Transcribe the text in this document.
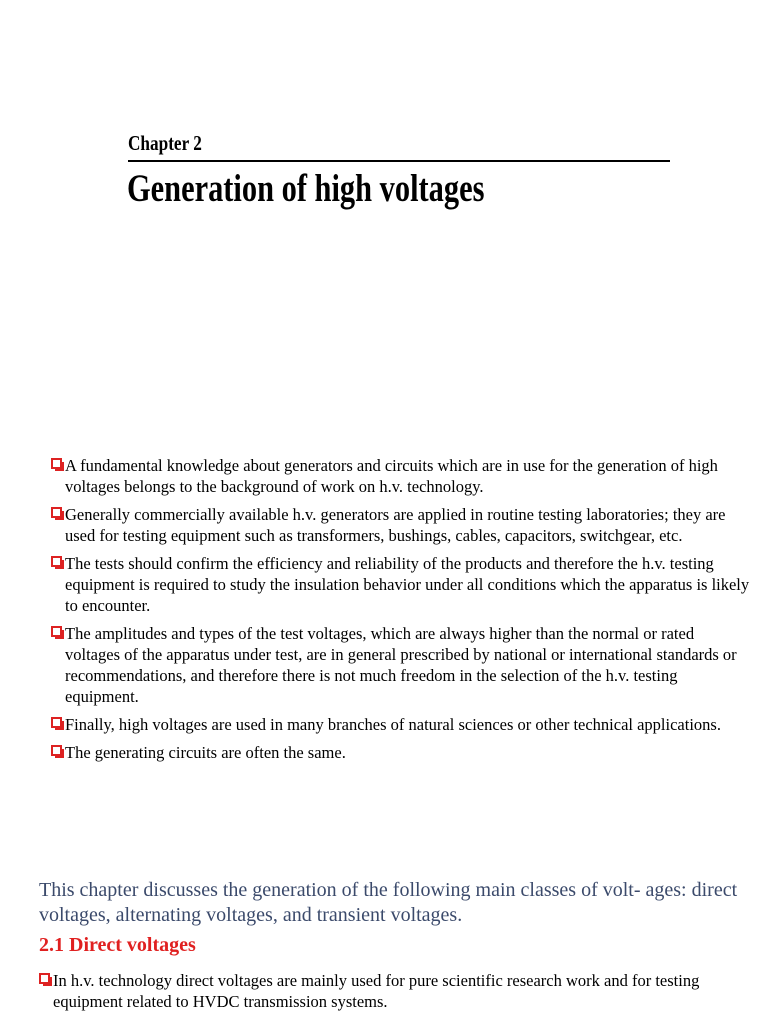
Chapter 2
Generation of high voltages
A fundamental knowledge about generators and circuits which are in use for the generation of high voltages belongs to the background of work on h.v. technology.
Generally commercially available h.v. generators are applied in routine testing laboratories; they are used for testing equipment such as transformers, bushings, cables, capacitors, switchgear, etc.
The tests should confirm the efficiency and reliability of the products and therefore the h.v. testing equipment is required to study the insulation behavior under all conditions which the apparatus is likely to encounter.
The amplitudes and types of the test voltages, which are always higher than the normal or rated voltages of the apparatus under test, are in general prescribed by national or international standards or recommendations, and therefore there is not much freedom in the selection of the h.v. testing equipment.
Finally, high voltages are used in many branches of natural sciences or other technical applications.
The generating circuits are often the same.
This chapter discusses the generation of the following main classes of volt- ages: direct voltages, alternating voltages, and transient voltages.
2.1 Direct voltages
In h.v. technology direct voltages are mainly used for pure scientific research work and for testing equipment related to HVDC transmission systems.
